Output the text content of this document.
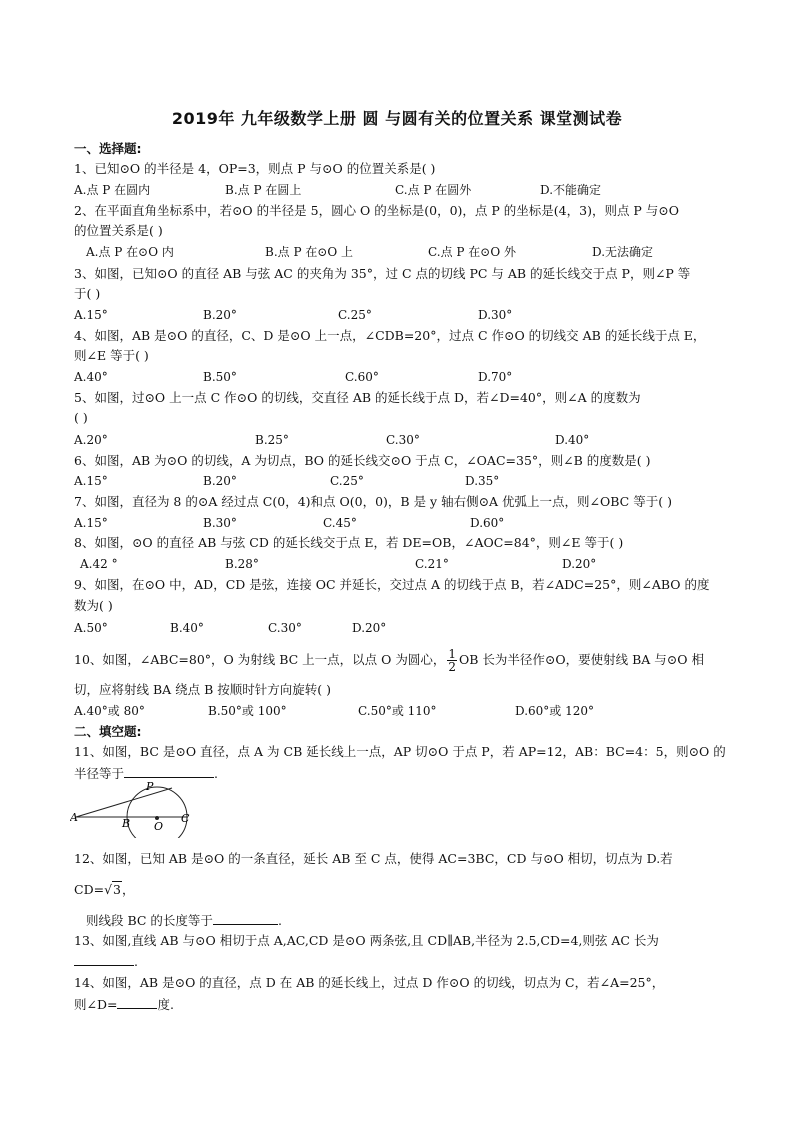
2019年 九年级数学上册 圆 与圆有关的位置关系 课堂测试卷
一、选择题:
1、已知⊙O 的半径是 4，OP=3，则点 P 与⊙O 的位置关系是( )
A.点 P 在圆内	B.点 P 在圆上	C.点 P 在圆外	D.不能确定
2、在平面直角坐标系中，若⊙O 的半径是 5，圆心 O 的坐标是(0，0)，点 P 的坐标是(4，3)，则点 P 与⊙O
的位置关系是( )
A.点 P 在⊙O 内	B.点 P 在⊙O 上	C.点 P 在⊙O 外	D.无法确定
3、如图，已知⊙O 的直径 AB 与弦 AC 的夹角为 35°，过 C 点的切线 PC 与 AB 的延长线交于点 P，则∠P 等
于( )
A.15°	B.20°	C.25°	D.30°
4、如图，AB 是⊙O 的直径，C、D 是⊙O 上一点，∠CDB=20°，过点 C 作⊙O 的切线交 AB 的延长线于点 E，
则∠E 等于( )
A.40°	B.50°	C.60°	D.70°
5、如图，过⊙O 上一点 C 作⊙O 的切线，交直径 AB 的延长线于点 D，若∠D=40°，则∠A 的度数为
( )
A.20°	B.25°	C.30°	D.40°
6、如图，AB 为⊙O 的切线，A 为切点，BO 的延长线交⊙O 于点 C，∠OAC=35°，则∠B 的度数是( )
A.15°	B.20°	C.25°	D.35°
7、如图，直径为 8 的⊙A 经过点 C(0，4)和点 O(0，0)，B 是 y 轴右侧⊙A 优弧上一点，则∠OBC 等于( )
A.15°	B.30°	C.45°	D.60°
8、如图，⊙O 的直径 AB 与弦 CD 的延长线交于点 E，若 DE=OB，∠AOC=84°，则∠E 等于( )
A.42 °	B.28°	C.21°	D.20°
9、如图，在⊙O 中，AD，CD 是弦，连接 OC 并延长，交过点 A 的切线于点 B，若∠ADC=25°，则∠ABO 的度
数为( )
A.50°	B.40°	C.30°	D.20°
10、如图，∠ABC=80°，O 为射线 BC 上一点，以点 O 为圆心， $\frac{1}{2}$ OB 长为半径作⊙O，要使射线 BA 与⊙O 相
切，应将射线 BA 绕点 B 按顺时针方向旋转( )
A.40°或 80°	B.50°或 100°	C.50°或 110°	D.60°或 120°
二、填空题:
11、如图，BC 是⊙O 直径，点 A 为 CB 延长线上一点，AP 切⊙O 于点 P，若 AP=12，AB：BC=4：5，则⊙O 的
半径等于	.
A	B O
C
P
12、如图，已知 AB 是⊙O 的一条直径，延长 AB 至 C 点，使得 AC=3BC，CD 与⊙O 相切，切点为 D.若
CD=√3，
则线段 BC 的长度等于	.
13、如图,直线 AB 与⊙O 相切于点 A,AC,CD 是⊙O 两条弦,且 CD∥AB,半径为 2.5,CD=4,则弦 AC 长为
.
14、如图，AB 是⊙O 的直径，点 D 在 AB 的延长线上，过点 D 作⊙O 的切线，切点为 C，若∠A=25°，
则∠D=	度.
